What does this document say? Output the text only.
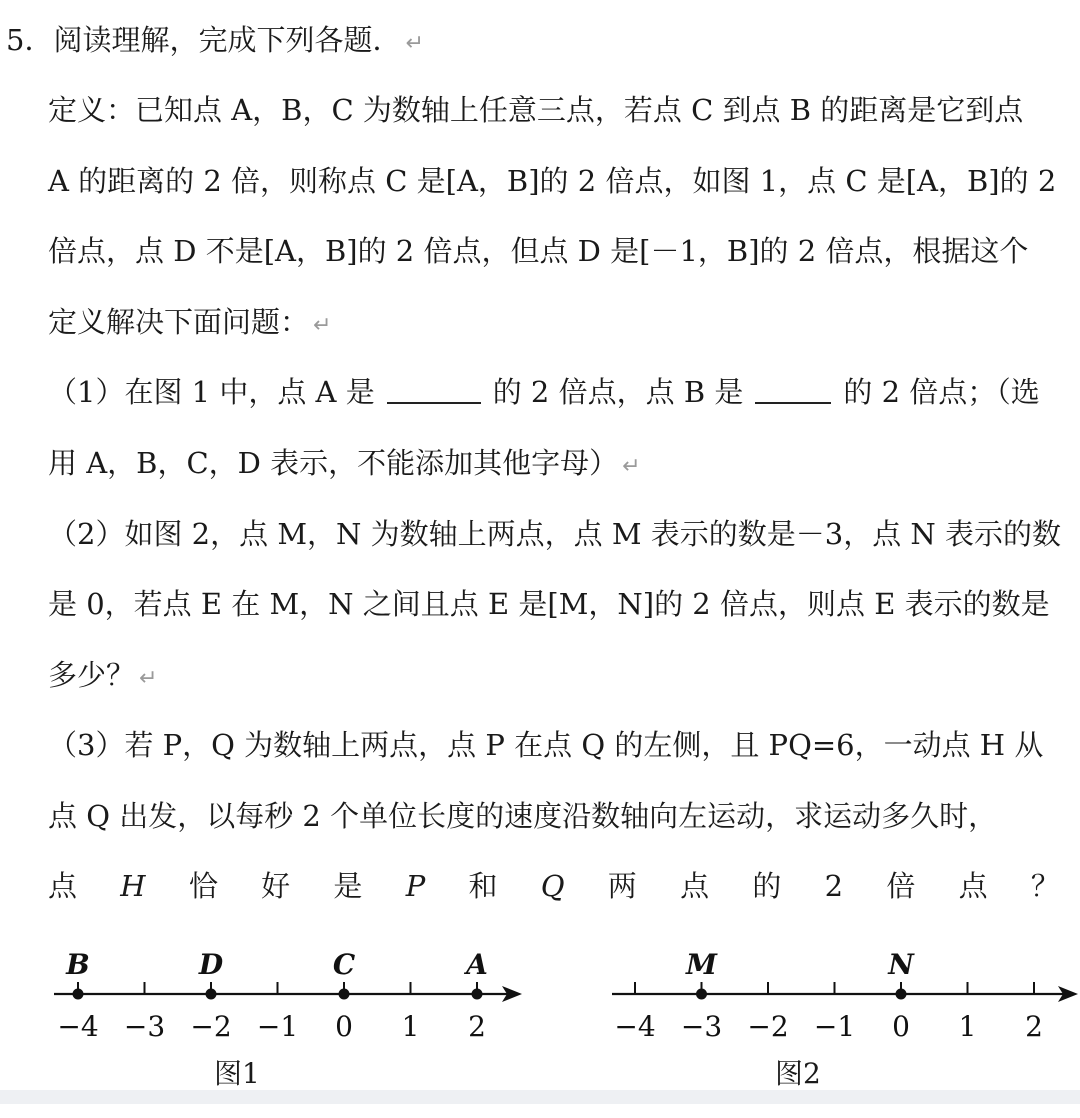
5．阅读理解，完成下列各题． ↵
定义：已知点 A，B，C 为数轴上任意三点，若点 C 到点 B 的距离是它到点
A 的距离的 2 倍，则称点 C 是[A，B]的 2 倍点，如图 1，点 C 是[A，B]的 2
倍点，点 D 不是[A，B]的 2 倍点，但点 D 是[－1，B]的 2 倍点，根据这个
定义解决下面问题： ↵
（1）在图 1 中，点 A 是	的 2 倍点，点 B 是	的 2 倍点；（选
用 A，B，C，D 表示，不能添加其他字母） ↵
（2）如图 2，点 M，N 为数轴上两点，点 M 表示的数是－3，点 N 表示的数
是 0，若点 E 在 M，N 之间且点 E 是[M，N]的 2 倍点，则点 E 表示的数是
多少？ ↵
（3）若 P，Q 为数轴上两点，点 P 在点 Q 的左侧，且 PQ=6，一动点 H 从
点 Q 出发，以每秒 2 个单位长度的速度沿数轴向左运动，求运动多久时，
点 H 恰 好 是 P 和 Q 两 点 的 2 倍 点 ？
−4 −3 −2 −1 0 1 2
B	D	C	A
图1
−4 −3 −2 −1 0 1 2
M	N
图2
